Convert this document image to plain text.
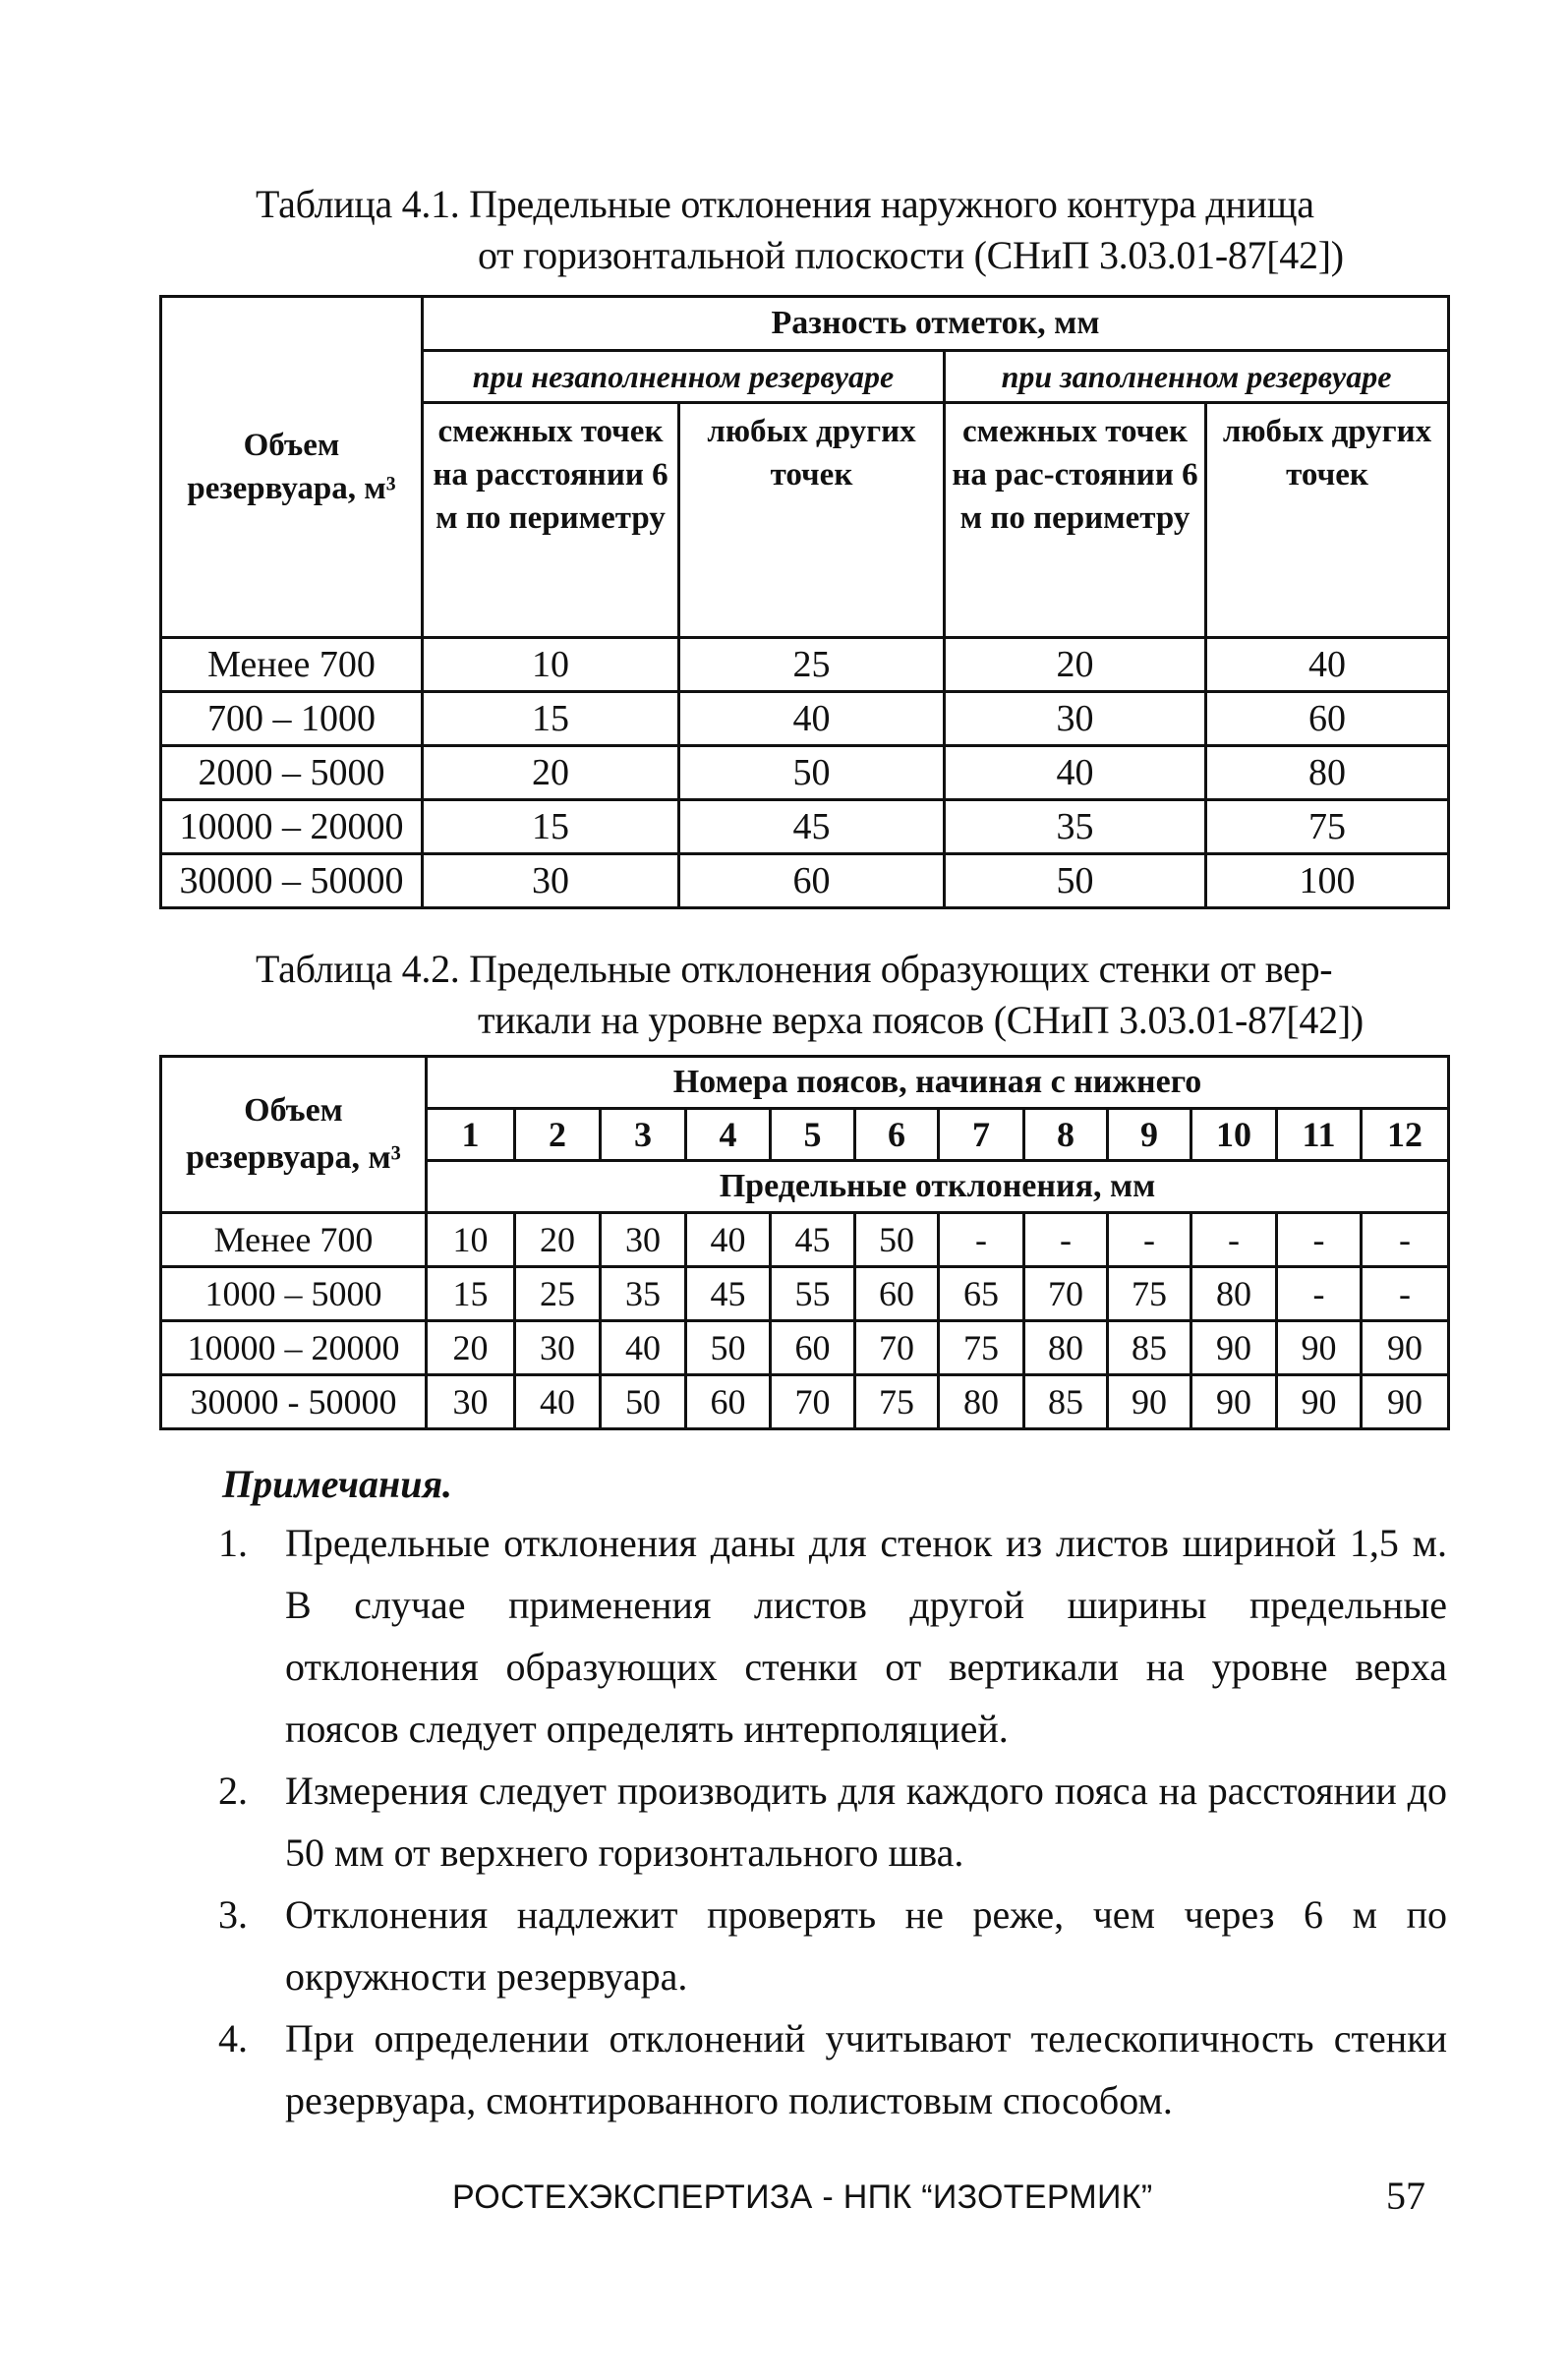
Таблица 4.1. Предельные отклонения наружного контура днища
от горизонтальной плоскости (СНиП 3.03.01-87[42])
Объем резервуара, м³	Разность отметок, мм			
	при незаполненном резервуаре		при заполненном резервуаре	
	смежных точек на расстоянии 6 м по периметру	любых других точек	смежных точек на рас-стоянии 6 м по периметру	любых других точек
Менее 700	10	25	20	40
700 – 1000	15	40	30	60
2000 – 5000	20	50	40	80
10000 – 20000	15	45	35	75
30000 – 50000	30	60	50	100
Таблица 4.2. Предельные отклонения образующих стенки от вер-
тикали на уровне верха поясов (СНиП 3.03.01-87[42])
Объем резервуара, м³	Номера поясов, начиная с нижнего											
	1	2	3	4	5	6	7	8	9	10	11	12
	Предельные отклонения, мм											
Менее 700	10	20	30	40	45	50	-	-	-	-	-	-
1000 – 5000	15	25	35	45	55	60	65	70	75	80	-	-
10000 – 20000	20	30	40	50	60	70	75	80	85	90	90	90
30000 - 50000	30	40	50	60	70	75	80	85	90	90	90	90
Примечания.
1. Предельные отклонения даны для стенок из листов шириной 1,5 м. В случае применения листов другой ширины предельные отклонения образующих стенки от вертикали на уровне верха поясов следует определять интерполяцией.
2. Измерения следует производить для каждого пояса на расстоянии до 50 мм от верхнего горизонтального шва.
3. Отклонения надлежит проверять не реже, чем через 6 м по окружности резервуара.
4. При определении отклонений учитывают телескопичность стенки резервуара, смонтированного полистовым способом.
РОСТЕХЭКСПЕРТИЗА - НПК “ИЗОТЕРМИК”	57
